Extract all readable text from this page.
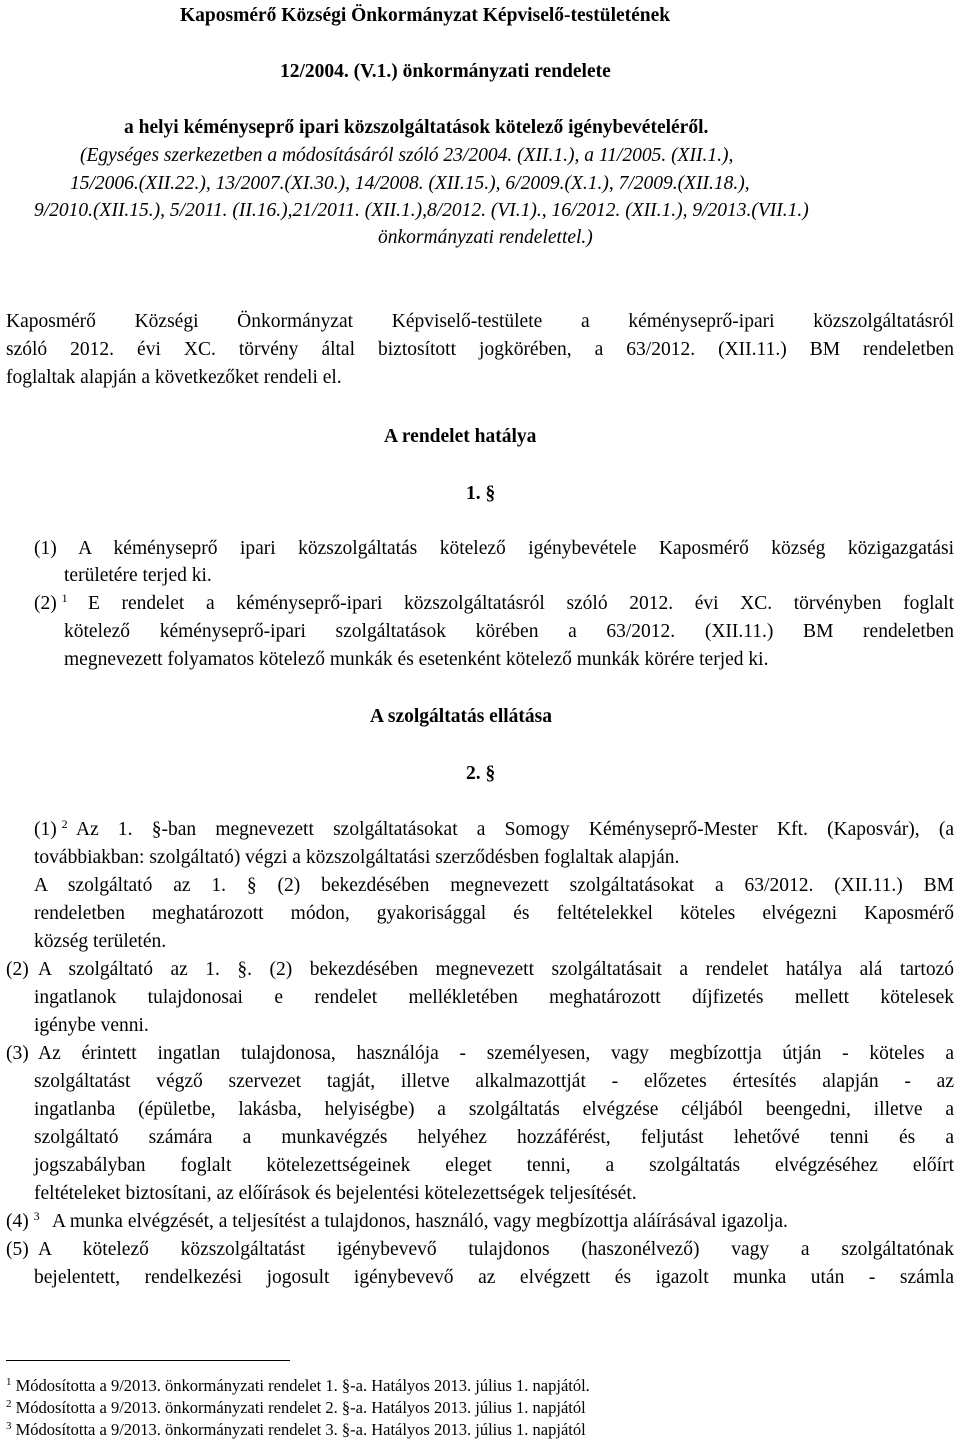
Kaposmérő Községi Önkormányzat Képviselő-testületének
12/2004. (V.1.) önkormányzati rendelete
a helyi kéményseprő ipari közszolgáltatások kötelező igénybevételéről.
(Egységes szerkezetben a módosításáról szóló 23/2004. (XII.1.), a 11/2005. (XII.1.),
15/2006.(XII.22.), 13/2007.(XI.30.), 14/2008. (XII.15.), 6/2009.(X.1.), 7/2009.(XII.18.),
9/2010.(XII.15.), 5/2011. (II.16.),21/2011. (XII.1.),8/2012. (VI.1)., 16/2012. (XII.1.), 9/2013.(VII.1.)
önkormányzati rendelettel.)
Kaposmérő Községi Önkormányzat Képviselő-testülete a kéményseprő-ipari közszolgáltatásról
szóló 2012. évi XC. törvény által biztosított jogkörében, a 63/2012. (XII.11.) BM rendeletben
foglaltak alapján a következőket rendeli el.
A rendelet hatálya
1. §
(1) A kéményseprő ipari közszolgáltatás kötelező igénybevétele Kaposmérő község közigazgatási
területére terjed ki.
(2) $^1$ E rendelet a kéményseprő-ipari közszolgáltatásról szóló 2012. évi XC. törvényben foglalt
kötelező kéményseprő-ipari szolgáltatások körében a 63/2012. (XII.11.) BM rendeletben
megnevezett folyamatos kötelező munkák és esetenként kötelező munkák körére terjed ki.
A szolgáltatás ellátása
2. §
(1) $^2$ Az 1. §-ban megnevezett szolgáltatásokat a Somogy Kéményseprő-Mester Kft. (Kaposvár), (a
továbbiakban: szolgáltató) végzi a közszolgáltatási szerződésben foglaltak alapján.
A szolgáltató az 1. § (2) bekezdésében megnevezett szolgáltatásokat a 63/2012. (XII.11.) BM
rendeletben meghatározott módon, gyakorisággal és feltételekkel köteles elvégezni Kaposmérő
község területén.
(2) A szolgáltató az 1. §. (2) bekezdésében megnevezett szolgáltatásait a rendelet hatálya alá tartozó
ingatlanok tulajdonosai e rendelet mellékletében meghatározott díjfizetés mellett kötelesek
igénybe venni.
(3) Az érintett ingatlan tulajdonosa, használója - személyesen, vagy megbízottja útján - köteles a
szolgáltatást végző szervezet tagját, illetve alkalmazottját - előzetes értesítés alapján - az
ingatlanba (épületbe, lakásba, helyiségbe) a szolgáltatás elvégzése céljából beengedni, illetve a
szolgáltató számára a munkavégzés helyéhez hozzáférést, feljutást lehetővé tenni és a
jogszabályban foglalt kötelezettségeinek eleget tenni, a szolgáltatás elvégzéséhez előírt
feltételeket biztosítani, az előírások és bejelentési kötelezettségek teljesítését.
(4) $^3$ A munka elvégzését, a teljesítést a tulajdonos, használó, vagy megbízottja aláírásával igazolja.
(5) A kötelező közszolgáltatást igénybevevő tulajdonos (haszonélvező) vagy a szolgáltatónak
bejelentett, rendelkezési jogosult igénybevevő az elvégzett és igazolt munka után - számla
$^1$ Módosította a 9/2013. önkormányzati rendelet 1. §-a. Hatályos 2013. július 1. napjától.
$^2$ Módosította a 9/2013. önkormányzati rendelet 2. §-a. Hatályos 2013. július 1. napjától
$^3$ Módosította a 9/2013. önkormányzati rendelet 3. §-a. Hatályos 2013. július 1. napjától
